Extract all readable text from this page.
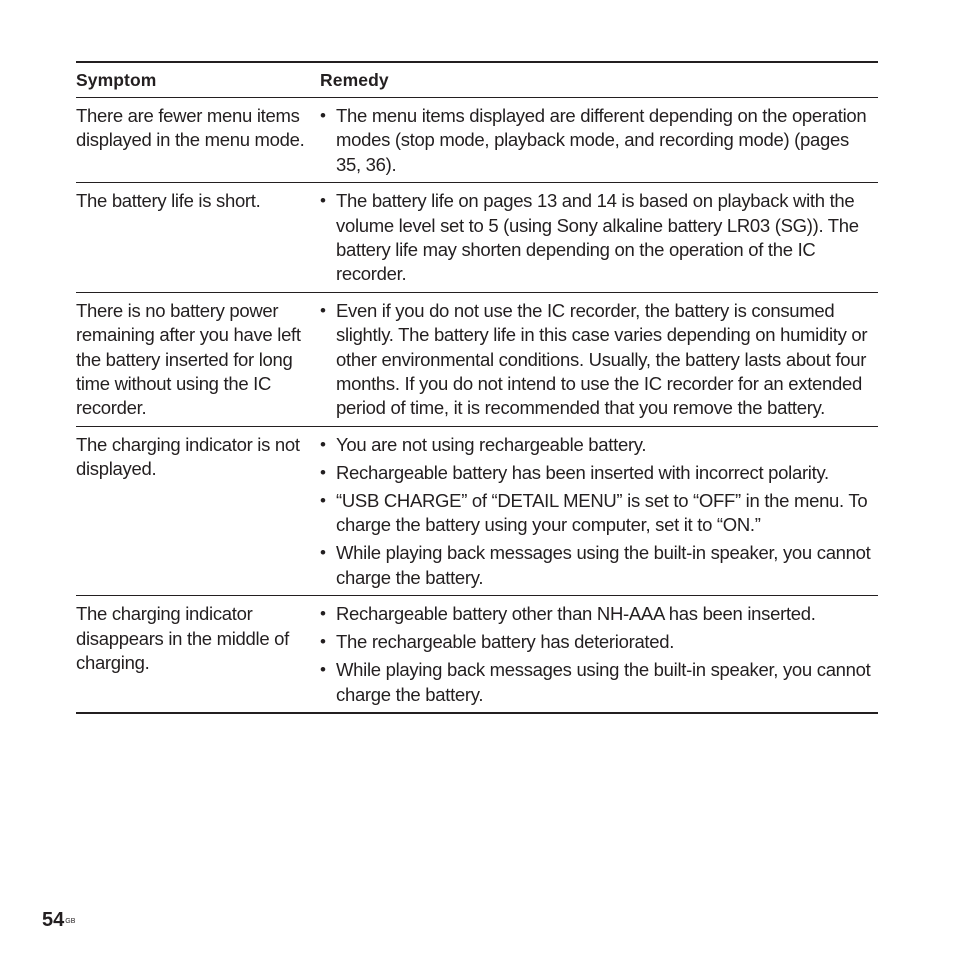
Symptom	Remedy
There are fewer menu items displayed in the menu mode.
• The menu items displayed are different depending on the operation modes (stop mode, playback mode, and recording mode) (pages 35, 36).
The battery life is short.	• The battery life on pages 13 and 14 is based on playback with the volume level set to 5 (using Sony alkaline battery LR03 (SG)). The battery life may shorten depending on the operation of the IC recorder.
There is no battery power remaining after you have left the battery inserted for long time without using the IC recorder.
• Even if you do not use the IC recorder, the battery is consumed slightly. The battery life in this case varies depending on humidity or other environmental conditions. Usually, the battery lasts about four months. If you do not intend to use the IC recorder for an extended period of time, it is recommended that you remove the battery.
The charging indicator is not displayed.
• You are not using rechargeable battery.
• Rechargeable battery has been inserted with incorrect polarity.
• “USB CHARGE” of “DETAIL MENU” is set to “OFF” in the menu. To charge the battery using your computer, set it to “ON.”
• While playing back messages using the built-in speaker, you cannot charge the battery.
The charging indicator disappears in the middle of charging.
• Rechargeable battery other than NH-AAA has been inserted.
• The rechargeable battery has deteriorated.
• While playing back messages using the built-in speaker, you cannot charge the battery.
$54^{GB}$
